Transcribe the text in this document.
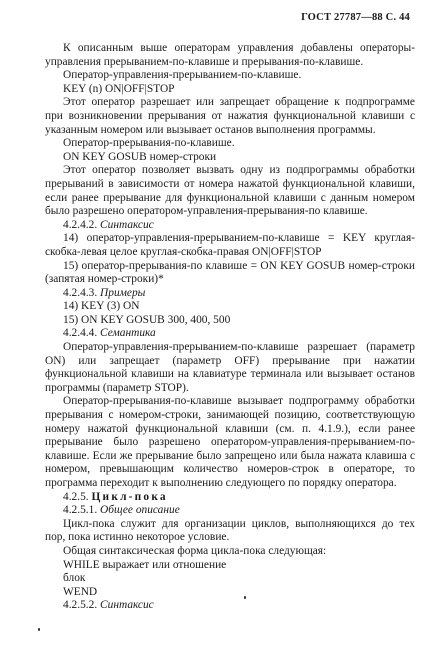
ГОСТ 27787—88 С. 44

К описанным выше операторам управления добавлены операторы-управления прерыванием-по-клавише и прерывания-по-клавише.

Оператор-управления-прерыванием-по-клавише.

KEY (n) ON|OFF|STOP

Этот оператор разрешает или запрещает обращение к подпрограмме при возникновении прерывания от нажатия функциональной клавиши с указанным номером или вызывает останов выполнения программы.

Оператор-прерывания-по-клавише.

ON KEY GOSUB номер-строки

Этот оператор позволяет вызвать одну из подпрограммы обработки прерываний в зависимости от номера нажатой функциональной клавиши, если ранее прерывание для функциональной клавиши с данным номером было разрешено оператором-управления-прерывания-по клавише.

4.2.4.2. Синтаксис

14) оператор-управления-прерыванием-по-клавише = KEY круглая-скобка-левая целое круглая-скобка-правая ON|OFF|STOP

15) оператор-прерывания-по клавише = ON KEY GOSUB номер-строки (запятая номер-строки)*

4.2.4.3. Примеры

14) KEY (3) ON

15) ON KEY GOSUB 300, 400, 500

4.2.4.4. Семантика

Оператор-управления-прерыванием-по-клавише разрешает (параметр ON) или запрещает (параметр OFF) прерывание при нажатии функциональной клавиши на клавиатуре терминала или вызывает останов программы (параметр STOP).

Оператор-прерывания-по-клавише вызывает подпрограмму обработки прерывания с номером-строки, занимающей позицию, соответствующую номеру нажатой функциональной клавиши (см. п. 4.1.9.), если ранее прерывание было разрешено оператором-управления-прерыванием-по-клавише. Если же прерывание было запрещено или была нажата клавиша с номером, превышающим количество номеров-строк в операторе, то программа переходит к выполнению следующего по порядку оператора.

4.2.5. Цикл-пока

4.2.5.1. Общее описание

Цикл-пока служит для организации циклов, выполняющихся до тех пор, пока истинно некоторое условие.

Общая синтаксическая форма цикла-пока следующая:

WHILE выражает или отношение

блок

WEND

4.2.5.2. Синтаксис
